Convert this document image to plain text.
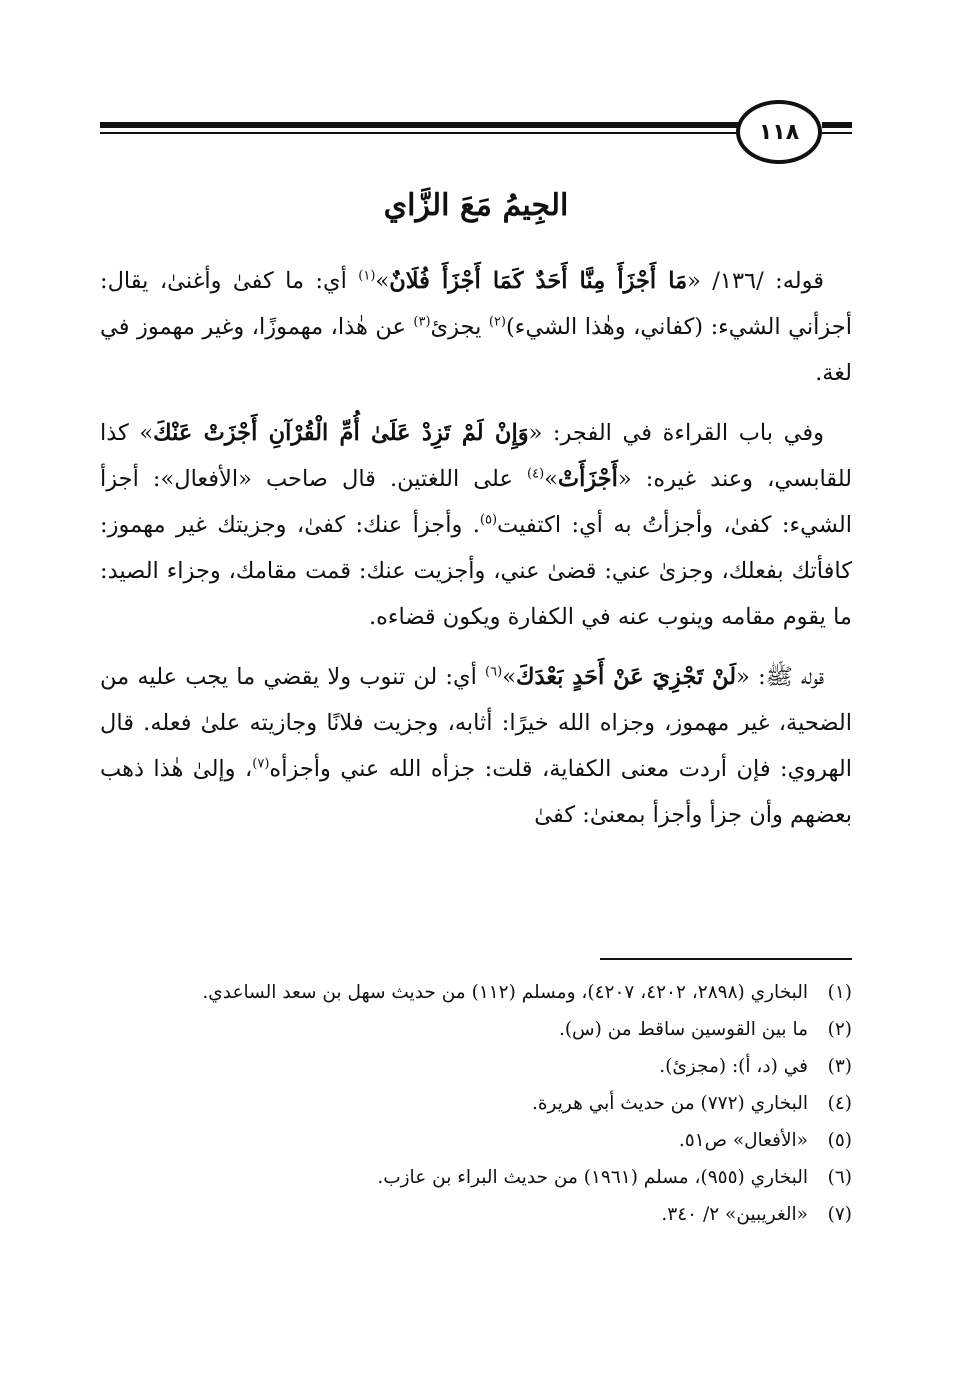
١١٨
الجِيمُ مَعَ الزَّاي

قوله: /١٣٦/ «مَا أَجْزَأَ مِنَّا أَحَدٌ كَمَا أَجْزَأَ فُلَانٌ»$^{(١)}$ أي: ما كفىٰ وأغنىٰ، يقال: أجزأني الشيء: (كفاني، وهٰذا الشيء)$^{(٢)}$ يجزئ$^{(٣)}$ عن هٰذا، مهموزًا، وغير مهموز في لغة.

وفي باب القراءة في الفجر: «وَإِنْ لَمْ تَزِدْ عَلَىٰ أُمِّ الْقُرْآنِ أَجْزَتْ عَنْكَ» كذا للقابسي، وعند غيره: «أَجْزَأَتْ»$^{(٤)}$ على اللغتين. قال صاحب «الأفعال»: أجزأ الشيء: كفىٰ، وأجزأتُ به أي: اكتفيت$^{(٥)}$. وأجزأ عنك: كفىٰ، وجزيتك غير مهموز: كافأتك بفعلك، وجزىٰ عني: قضىٰ عني، وأجزيت عنك: قمت مقامك، وجزاء الصيد: ما يقوم مقامه وينوب عنه في الكفارة ويكون قضاءه.

قوله ﷺ: «لَنْ تَجْزِيَ عَنْ أَحَدٍ بَعْدَكَ»$^{(٦)}$ أي: لن تنوب ولا يقضي ما يجب عليه من الضحية، غير مهموز، وجزاه الله خيرًا: أثابه، وجزيت فلانًا وجازيته علىٰ فعله. قال الهروي: فإن أردت معنى الكفاية، قلت: جزأه الله عني وأجزأه$^{(٧)}$، وإلىٰ هٰذا ذهب بعضهم وأن جزأ وأجزأ بمعنىٰ: كفىٰ

(١)
البخاري (٢٨٩٨، ٤٢٠٢، ٤٢٠٧)، ومسلم (١١٢) من حديث سهل بن سعد الساعدي.
(٢)
ما بين القوسين ساقط من (س).
(٣)
في (د، أ): (مجزئ).
(٤)
البخاري (٧٧٢) من حديث أبي هريرة.
(٥)
«الأفعال» ص٥١.
(٦)
البخاري (٩٥٥)، مسلم (١٩٦١) من حديث البراء بن عازب.
(٧)
«الغريبين» ٢/ ٣٤٠.
